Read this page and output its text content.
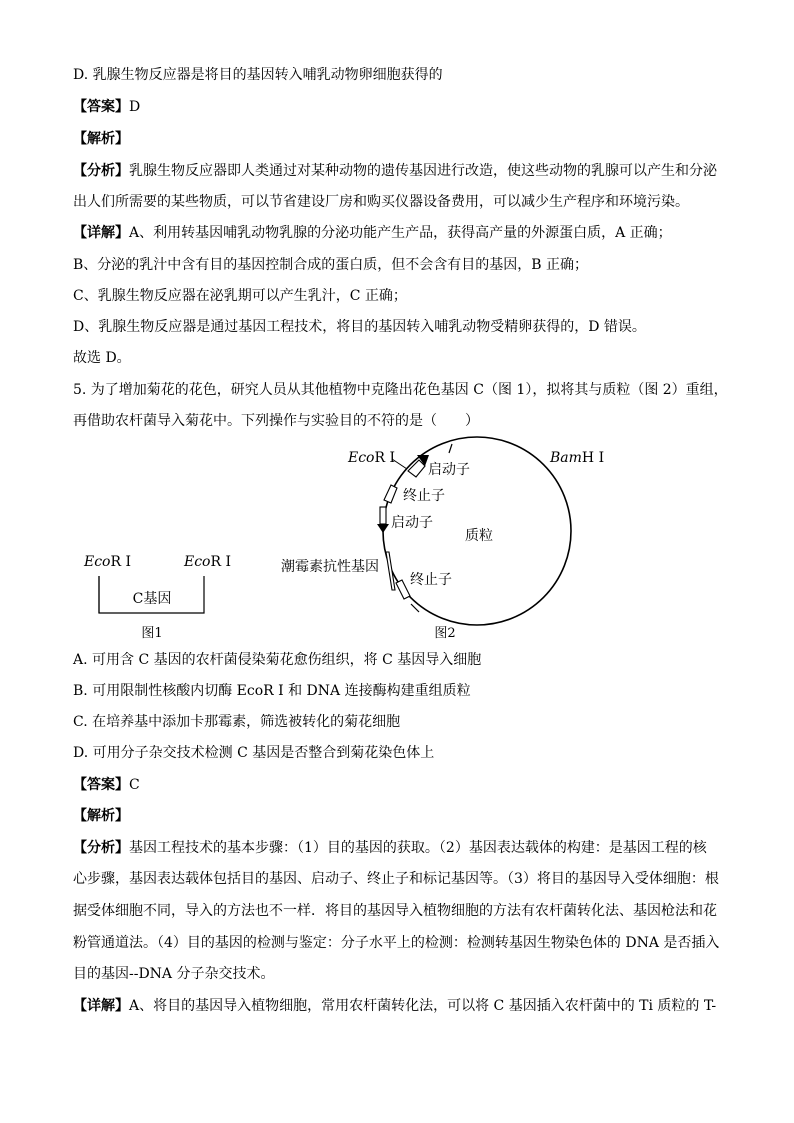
D. 乳腺生物反应器是将目的基因转入哺乳动物卵细胞获得的
【答案】D
【解析】
【分析】乳腺生物反应器即人类通过对某种动物的遗传基因进行改造，使这些动物的乳腺可以产生和分泌
出人们所需要的某些物质，可以节省建设厂房和购买仪器设备费用，可以减少生产程序和环境污染。
【详解】A、利用转基因哺乳动物乳腺的分泌功能产生产品，获得高产量的外源蛋白质，A 正确；
B、分泌的乳汁中含有目的基因控制合成的蛋白质，但不会含有目的基因，B 正确；
C、乳腺生物反应器在泌乳期可以产生乳汁，C 正确；
D、乳腺生物反应器是通过基因工程技术，将目的基因转入哺乳动物受精卵获得的，D 错误。
故选 D。
5. 为了增加菊花的花色，研究人员从其他植物中克隆出花色基因 C（图 1），拟将其与质粒（图 2）重组，
再借助农杆菌导入菊花中。下列操作与实验目的不符的是（　　）
EcoR I	EcoR I
C基因
图1
EcoR I	BamH I
启动子
终止子
启动子
质粒
潮霉素抗性基因
终止子
图2
A. 可用含 C 基因的农杆菌侵染菊花愈伤组织，将 C 基因导入细胞
B. 可用限制性核酸内切酶 EcoR I 和 DNA 连接酶构建重组质粒
C. 在培养基中添加卡那霉素，筛选被转化的菊花细胞
D. 可用分子杂交技术检测 C 基因是否整合到菊花染色体上
【答案】C
【解析】
【分析】基因工程技术的基本步骤：（1）目的基因的获取。（2）基因表达载体的构建：是基因工程的核
心步骤，基因表达载体包括目的基因、启动子、终止子和标记基因等。（3）将目的基因导入受体细胞：根
据受体细胞不同，导入的方法也不一样．将目的基因导入植物细胞的方法有农杆菌转化法、基因枪法和花
粉管通道法。（4）目的基因的检测与鉴定：分子水平上的检测：检测转基因生物染色体的 DNA 是否插入
目的基因--DNA 分子杂交技术。
【详解】A、将目的基因导入植物细胞，常用农杆菌转化法，可以将 C 基因插入农杆菌中的 Ti 质粒的 T-
